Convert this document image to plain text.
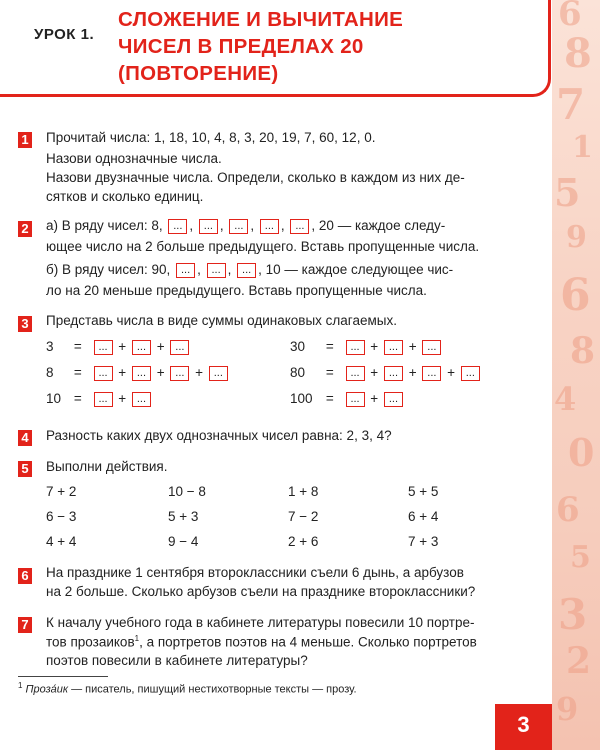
6
8
7
1
5
9
6
8
4
0
6
5
3
2
9
УРОК 1.
СЛОЖЕНИЕ И ВЫЧИТАНИЕ
ЧИСЕЛ В ПРЕДЕЛАХ 20
(ПОВТОРЕНИЕ)
1 Прочитай числа: 1, 18, 10, 4, 8, 3, 20, 19, 7, 60, 12, 0.
Назови однозначные числа.
Назови двузначные числа. Определи, сколько в каждом из них де-
сятков и сколько единиц.
2 а) В ряду чисел: 8, ... , ... , ... , ... , ... , 20 — каждое следу-
ющее число на 2 больше предыдущего. Вставь пропущенные числа.
б) В ряду чисел: 90, ... , ... , ... , 10 — каждое следующее чис-
ло на 20 меньше предыдущего. Вставь пропущенные числа.
3 Представь числа в виде суммы одинаковых слагаемых.
3 = ... + ... + ...
8 = ... + ... + ... + ...
10 = ... + ...
30 = ... + ... + ...
80 = ... + ... + ... + ...
100 = ... + ...
4 Разность каких двух однозначных чисел равна: 2, 3, 4?
5 Выполни действия.
7 + 2
6 − 3
4 + 4
10 − 8
5 + 3
9 − 4
1 + 8
7 − 2
2 + 6
5 + 5
6 + 4
7 + 3
6 На празднике 1 сентября второклассники съели 6 дынь, а арбузов
на 2 больше. Сколько арбузов съели на празднике второклассники?
7 К началу учебного года в кабинете литературы повесили 10 портре-
тов прозаиков$^1$, а портретов поэтов на 4 меньше. Сколько портретов
поэтов повесили в кабинете литературы?
$^1$ Проза́ик — писатель, пишущий нестихотворные тексты — прозу.
3
